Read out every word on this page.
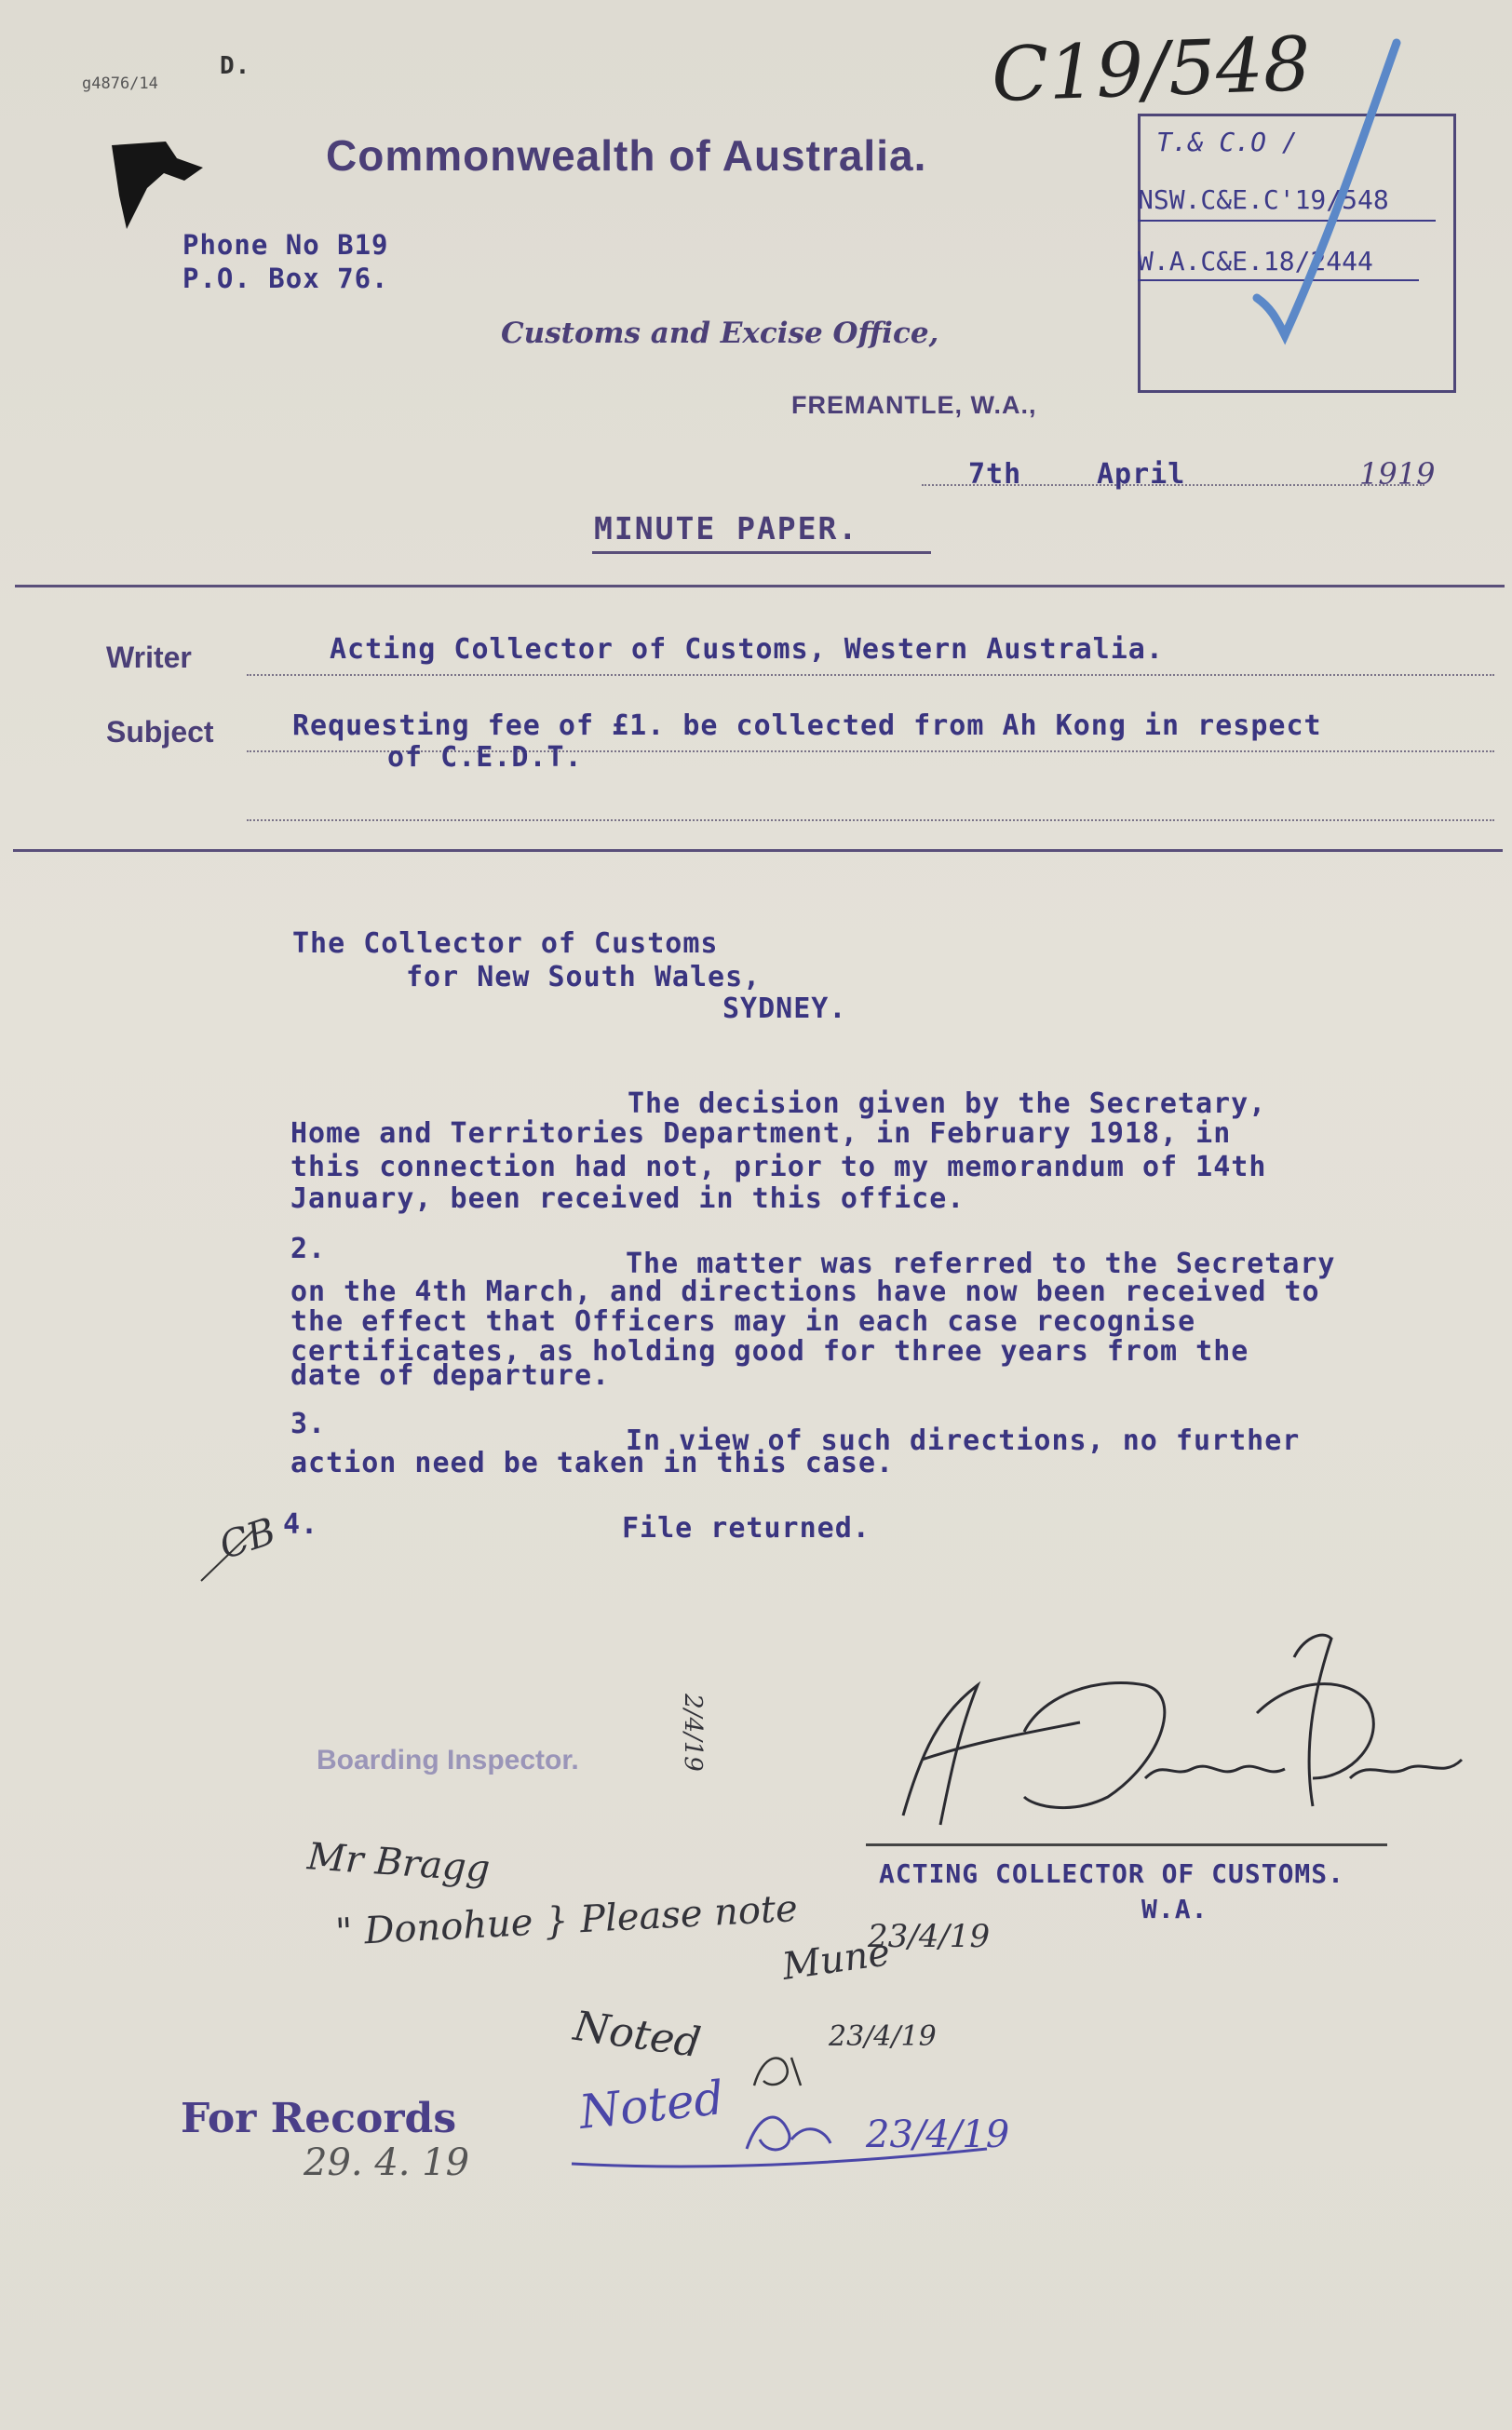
g4876/14
D.	C19/548
Commonwealth of Australia.
Phone No B19
P.O. Box 76.
Customs and Excise Office,
FREMANTLE, W.A.,
7th	April	1919
T.& C.O /
NSW.C&E.C'19/548
W.A.C&E.18/2444
MINUTE PAPER.
Writer	Acting Collector of Customs, Western Australia.
Subject	Requesting fee of £1. be collected from Ah Kong in respect
of C.E.D.T.
The Collector of Customs
for New South Wales,
SYDNEY.
The decision given by the Secretary,
Home and Territories Department, in February 1918, in
this connection had not, prior to my memorandum of 14th
January, been received in this office.
2.	The matter was referred to the Secretary
on the 4th March, and directions have now been received to
the effect that Officers may in each case recognise
certificates, as holding good for three years from the
date of departure.
3.
In view of such directions, no further
action need be taken in this case.
4.	File returned.
CB
Boarding Inspector.	2/4/19
ACTING COLLECTOR OF CUSTOMS.
W.A.
Mr Bragg
" Donohue } Please note
Mune
23/4/19
Noted	23/4/19
Noted	23/4/19
For Records
29. 4. 19
